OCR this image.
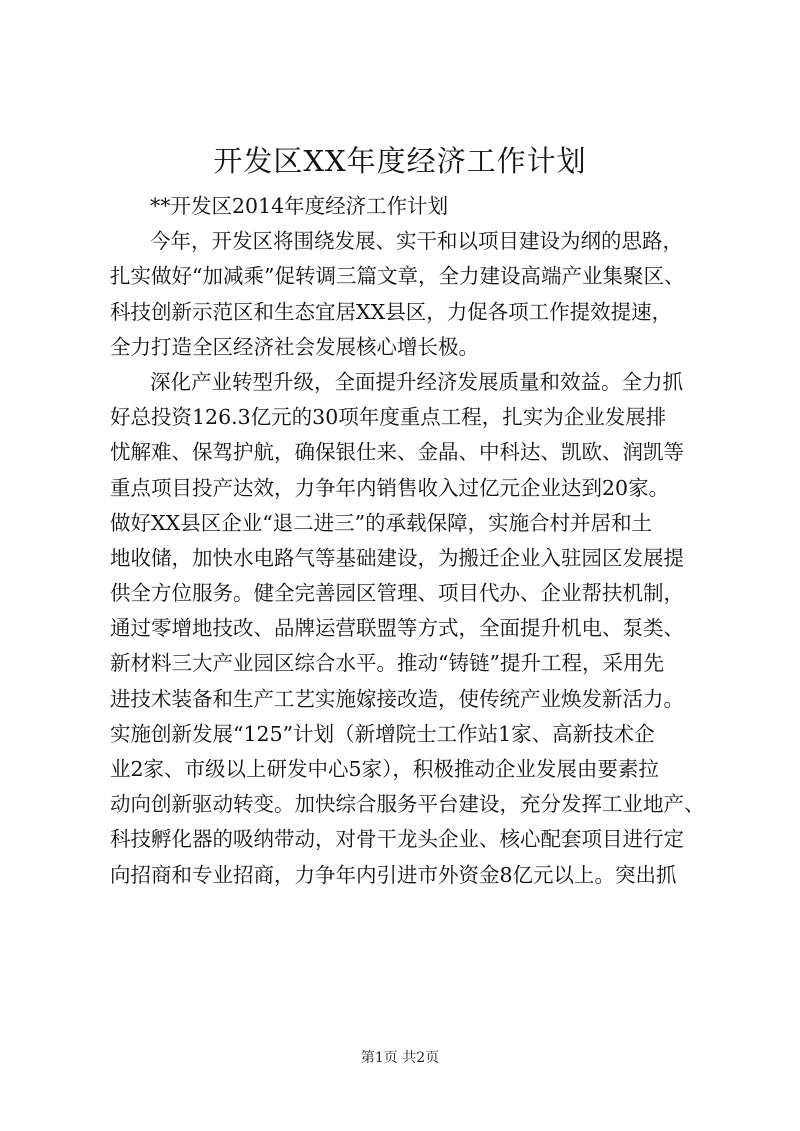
开发区XX年度经济工作计划
**开发区2014年度经济工作计划
今年，开发区将围绕发展、实干和以项目建设为纲的思路，
扎实做好“加减乘”促转调三篇文章，全力建设高端产业集聚区、
科技创新示范区和生态宜居XX县区，力促各项工作提效提速，
全力打造全区经济社会发展核心增长极。
深化产业转型升级，全面提升经济发展质量和效益。全力抓
好总投资126.3亿元的30项年度重点工程，扎实为企业发展排
忧解难、保驾护航，确保银仕来、金晶、中科达、凯欧、润凯等
重点项目投产达效，力争年内销售收入过亿元企业达到20家。
做好XX县区企业“退二进三”的承载保障，实施合村并居和土
地收储，加快水电路气等基础建设，为搬迁企业入驻园区发展提
供全方位服务。健全完善园区管理、项目代办、企业帮扶机制，
通过零增地技改、品牌运营联盟等方式，全面提升机电、泵类、
新材料三大产业园区综合水平。推动“铸链”提升工程，采用先
进技术装备和生产工艺实施嫁接改造，使传统产业焕发新活力。
实施创新发展“125”计划（新增院士工作站1家、高新技术企
业2家、市级以上研发中心5家），积极推动企业发展由要素拉
动向创新驱动转变。加快综合服务平台建设，充分发挥工业地产、
科技孵化器的吸纳带动，对骨干龙头企业、核心配套项目进行定
向招商和专业招商，力争年内引进市外资金8亿元以上。突出抓
第1页 共2页
